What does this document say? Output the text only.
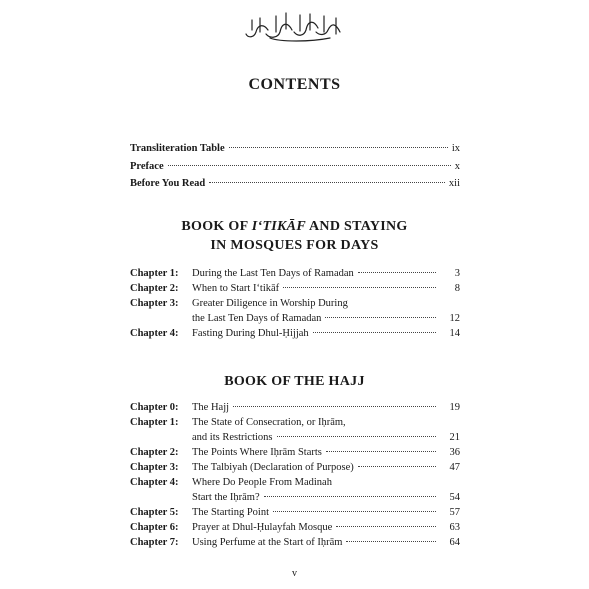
CONTENTS
Transliteration Table	ix
Preface	x
Before You Read	xii
BOOK OF I‘TIKĀF AND STAYING
IN MOSQUES FOR DAYS
Chapter 1:	During the Last Ten Days of Ramadan	3
Chapter 2:	When to Start I‘tikāf	8
Chapter 3:	Greater Diligence in Worship During
the Last Ten Days of Ramadan	12
Chapter 4:	Fasting During Dhul-Ḥijjah	14
BOOK OF THE HAJJ
Chapter 0:	The Hajj	19
Chapter 1:	The State of Consecration, or Iḥrām,
and its Restrictions	21
Chapter 2:	The Points Where Iḥrām Starts	36
Chapter 3:	The Talbiyah (Declaration of Purpose)	47
Chapter 4:	Where Do People From Madinah
Start the Iḥrām?	54
Chapter 5:	The Starting Point	57
Chapter 6:	Prayer at Dhul-Ḥulayfah Mosque	63
Chapter 7:	Using Perfume at the Start of Iḥrām	64
v
